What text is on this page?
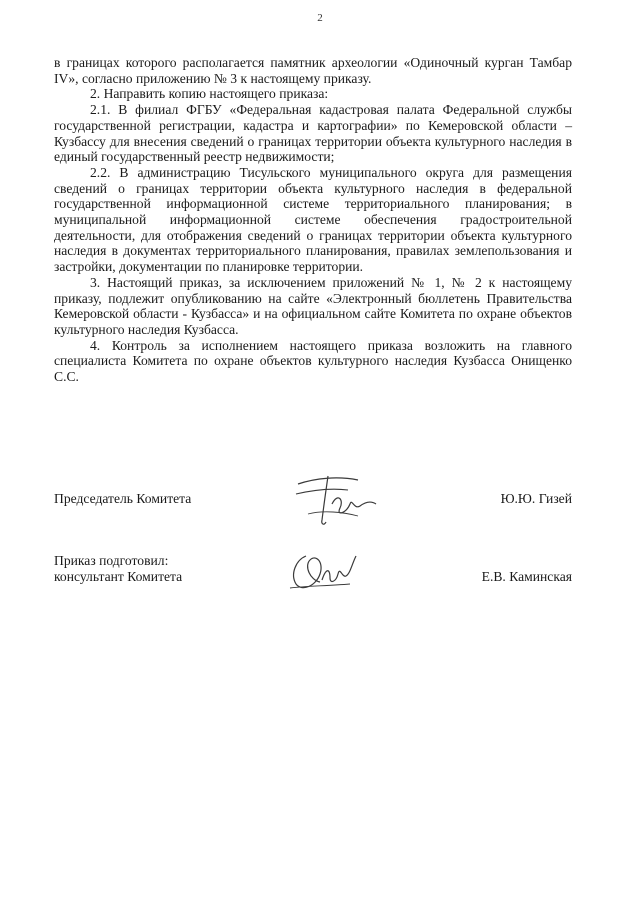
2

в границах которого располагается памятник археологии «Одиночный курган Тамбар IV», согласно приложению № 3 к настоящему приказу.

2. Направить копию настоящего приказа:

2.1. В филиал ФГБУ «Федеральная кадастровая палата Федеральной службы государственной регистрации, кадастра и картографии» по Кемеровской области – Кузбассу для внесения сведений о границах территории объекта культурного наследия в единый государственный реестр недвижимости;

2.2. В администрацию Тисульского муниципального округа для размещения сведений о границах территории объекта культурного наследия в федеральной государственной информационной системе территориального планирования; в муниципальной информационной системе обеспечения градостроительной деятельности, для отображения сведений о границах территории объекта культурного наследия в документах территориального планирования, правилах землепользования и застройки, документации по планировке территории.

3. Настоящий приказ, за исключением приложений № 1, № 2 к настоящему приказу, подлежит опубликованию на сайте «Электронный бюллетень Правительства Кемеровской области - Кузбасса» и на официальном сайте Комитета по охране объектов культурного наследия Кузбасса.

4. Контроль за исполнением настоящего приказа возложить на главного специалиста Комитета по охране объектов культурного наследия Кузбасса Онищенко С.С.

Председатель Комитета	Ю.Ю. Гизей
Приказ подготовил:
консультант Комитета	Е.В. Каминская
